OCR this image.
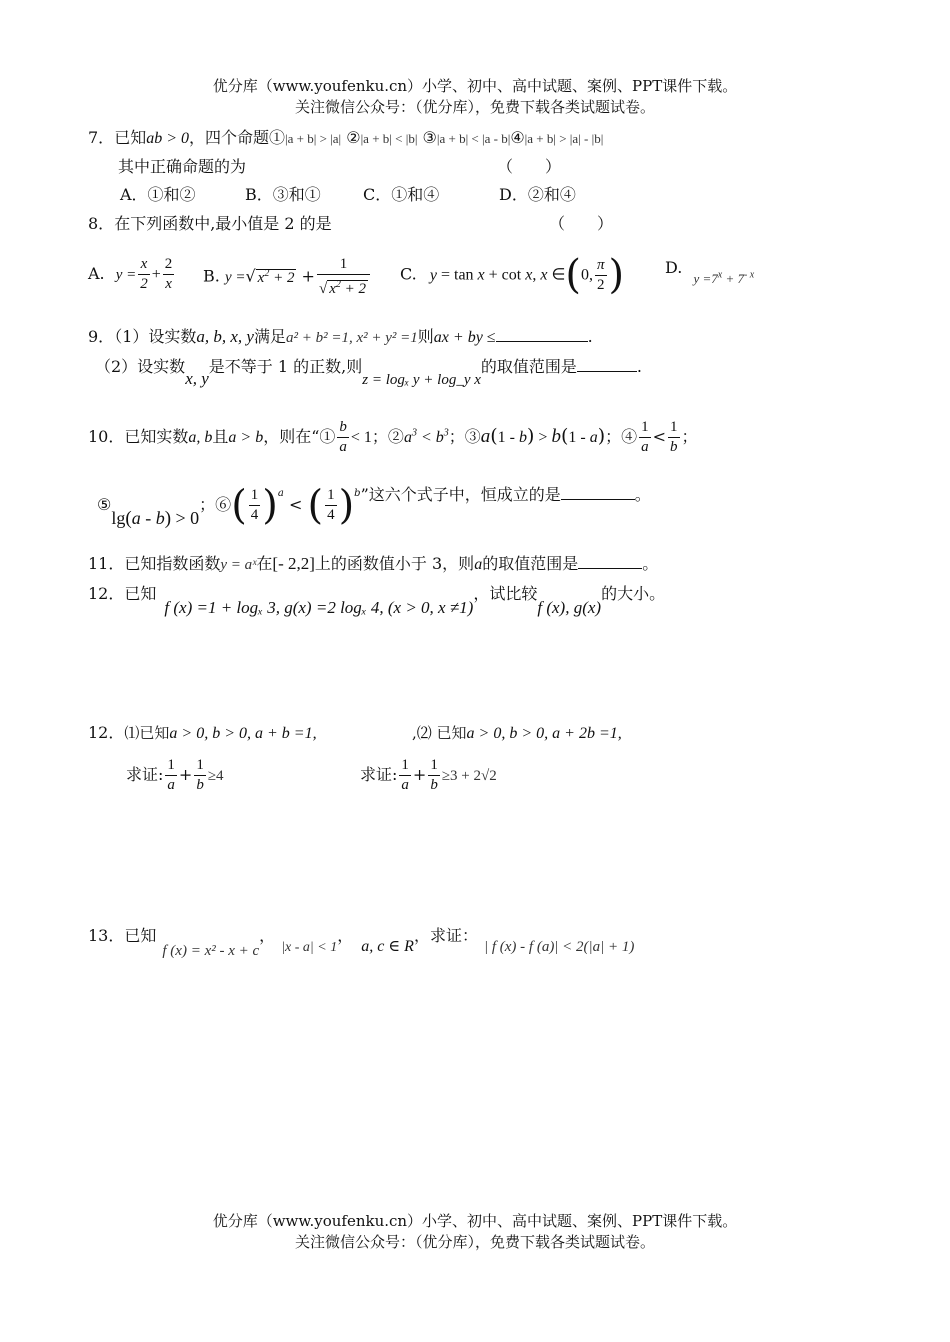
优分库（www.youfenku.cn）小学、初中、高中试题、案例、PPT课件下载。
关注微信公众号：（优分库），免费下载各类试题试卷。
7．已知ab > 0，四个命题①|a + b| > |a| ②|a + b| < |b| ③|a + b| < |a - b|④|a + b| > |a| - |b|
其中正确命题的为	（　　）
A．①和②	B．③和①	C．①和④	D．②和④
8．在下列函数中,最小值是 2 的是	（　　）
A. $y = \frac{x}{2} + \frac{2}{x} B$. y =√ $x^2 + 2 + \frac{1}{√ x^2 + 2} C$. y = tan x + cot x, x ∈(0, $\frac{\pi}{2}$ )	D. $_{y =7^x + 7^{- x}}$
9．（1）设实数a, b, x, y满足a² + b² =1, x² + y² =1则ax + by ≤	.
（2）设实数x, y是不等于 1 的正数,则z = logₓ y + log_y x的取值范围是	.
10．已知实数a, b且a > b，则在“① $\frac{b}{a} < 1$；$②a^3 < b^3$；③a(1 - b) > b(1 - a)；④ $\frac{1}{a} < \frac{1}{b}$ ；
⑤lg(a - b) > 0；⑥( $\frac{1}{4} )^a$ < ( $\frac{1}{4} )^b$”这六个式子中，恒成立的是	。
11．已知指数函数y = aˣ在[- 2,2]上的函数值小于 3，则a的取值范围是	。
12．已知f (x) =1 + logₓ 3, g(x) =2 logₓ 4, (x > 0, x ≠1)，试比较f (x), g(x)的大小。
12．⑴已知a > 0, b > 0, a + b =1,	,⑵ 已知a > 0, b > 0, a + 2b =1,
求证: $\frac{1}{a} + \frac{1}{b} \ge 4$	求证: $\frac{1}{a} + \frac{1}{b} \ge 3 + 2√2$
13．已知f (x) = x² - x + c，|x - a| < 1，a, c ∈ R，求证：| f (x) - f (a)| < 2(|a| + 1)
优分库（www.youfenku.cn）小学、初中、高中试题、案例、PPT课件下载。
关注微信公众号：（优分库），免费下载各类试题试卷。
